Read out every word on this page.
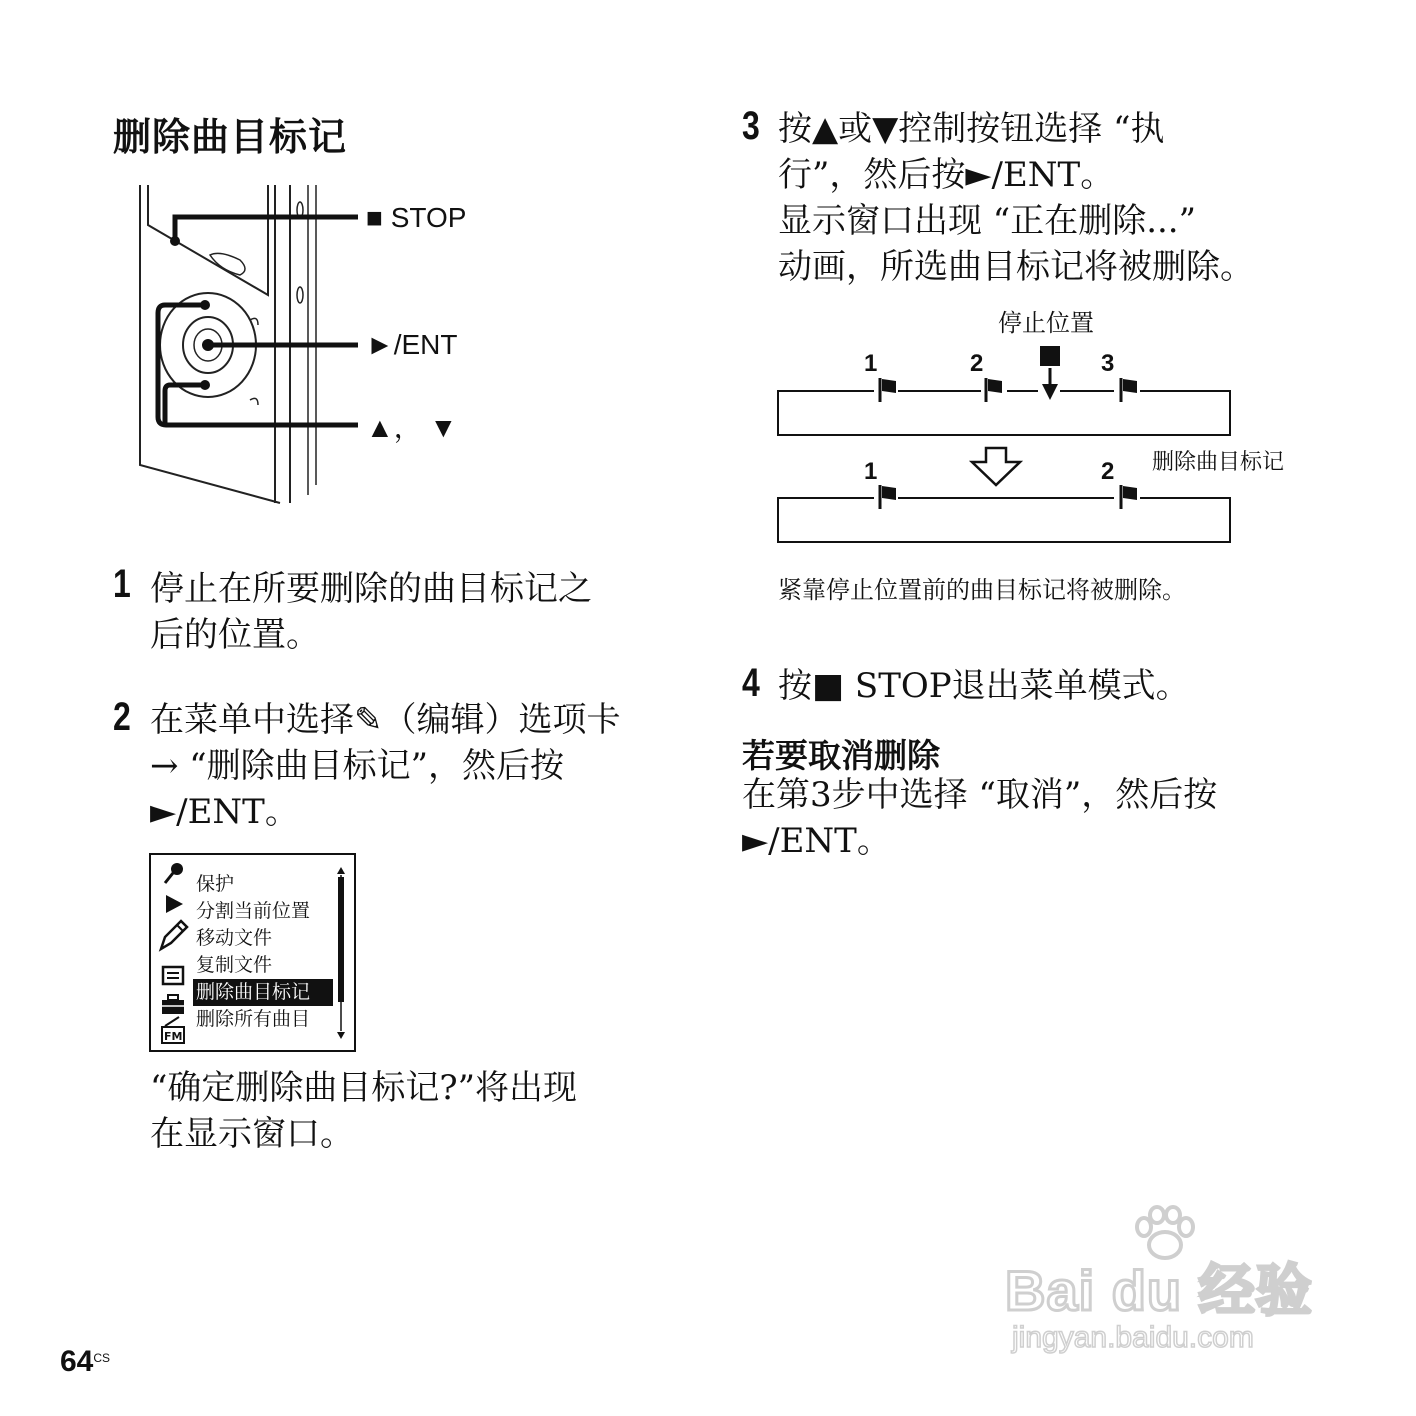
删除曲目标记
■ STOP
►/ENT
▲， ▼
1 停止在所要删除的曲目标记之
后的位置。
2 在菜单中选择✎（编辑）选项卡
→ “删除曲目标记”，然后按
►/ENT。
FM
保护
分割当前位置
移动文件
复制文件
删除曲目标记
删除所有曲目
“确定删除曲目标记?”将出现
在显示窗口。
3 按▲或▼控制按钮选择 “执
行”，然后按►/ENT。
显示窗口出现 “正在删除...”
动画，所选曲目标记将被删除。
停止位置
1	2	3
1	2 删除曲目标记
紧靠停止位置前的曲目标记将被删除。
4 按■ STOP退出菜单模式。
若要取消删除
在第3步中选择 “取消”，然后按
►/ENT。
Bai du 经验
jingyan.baidu.com
$64^{CS}$
